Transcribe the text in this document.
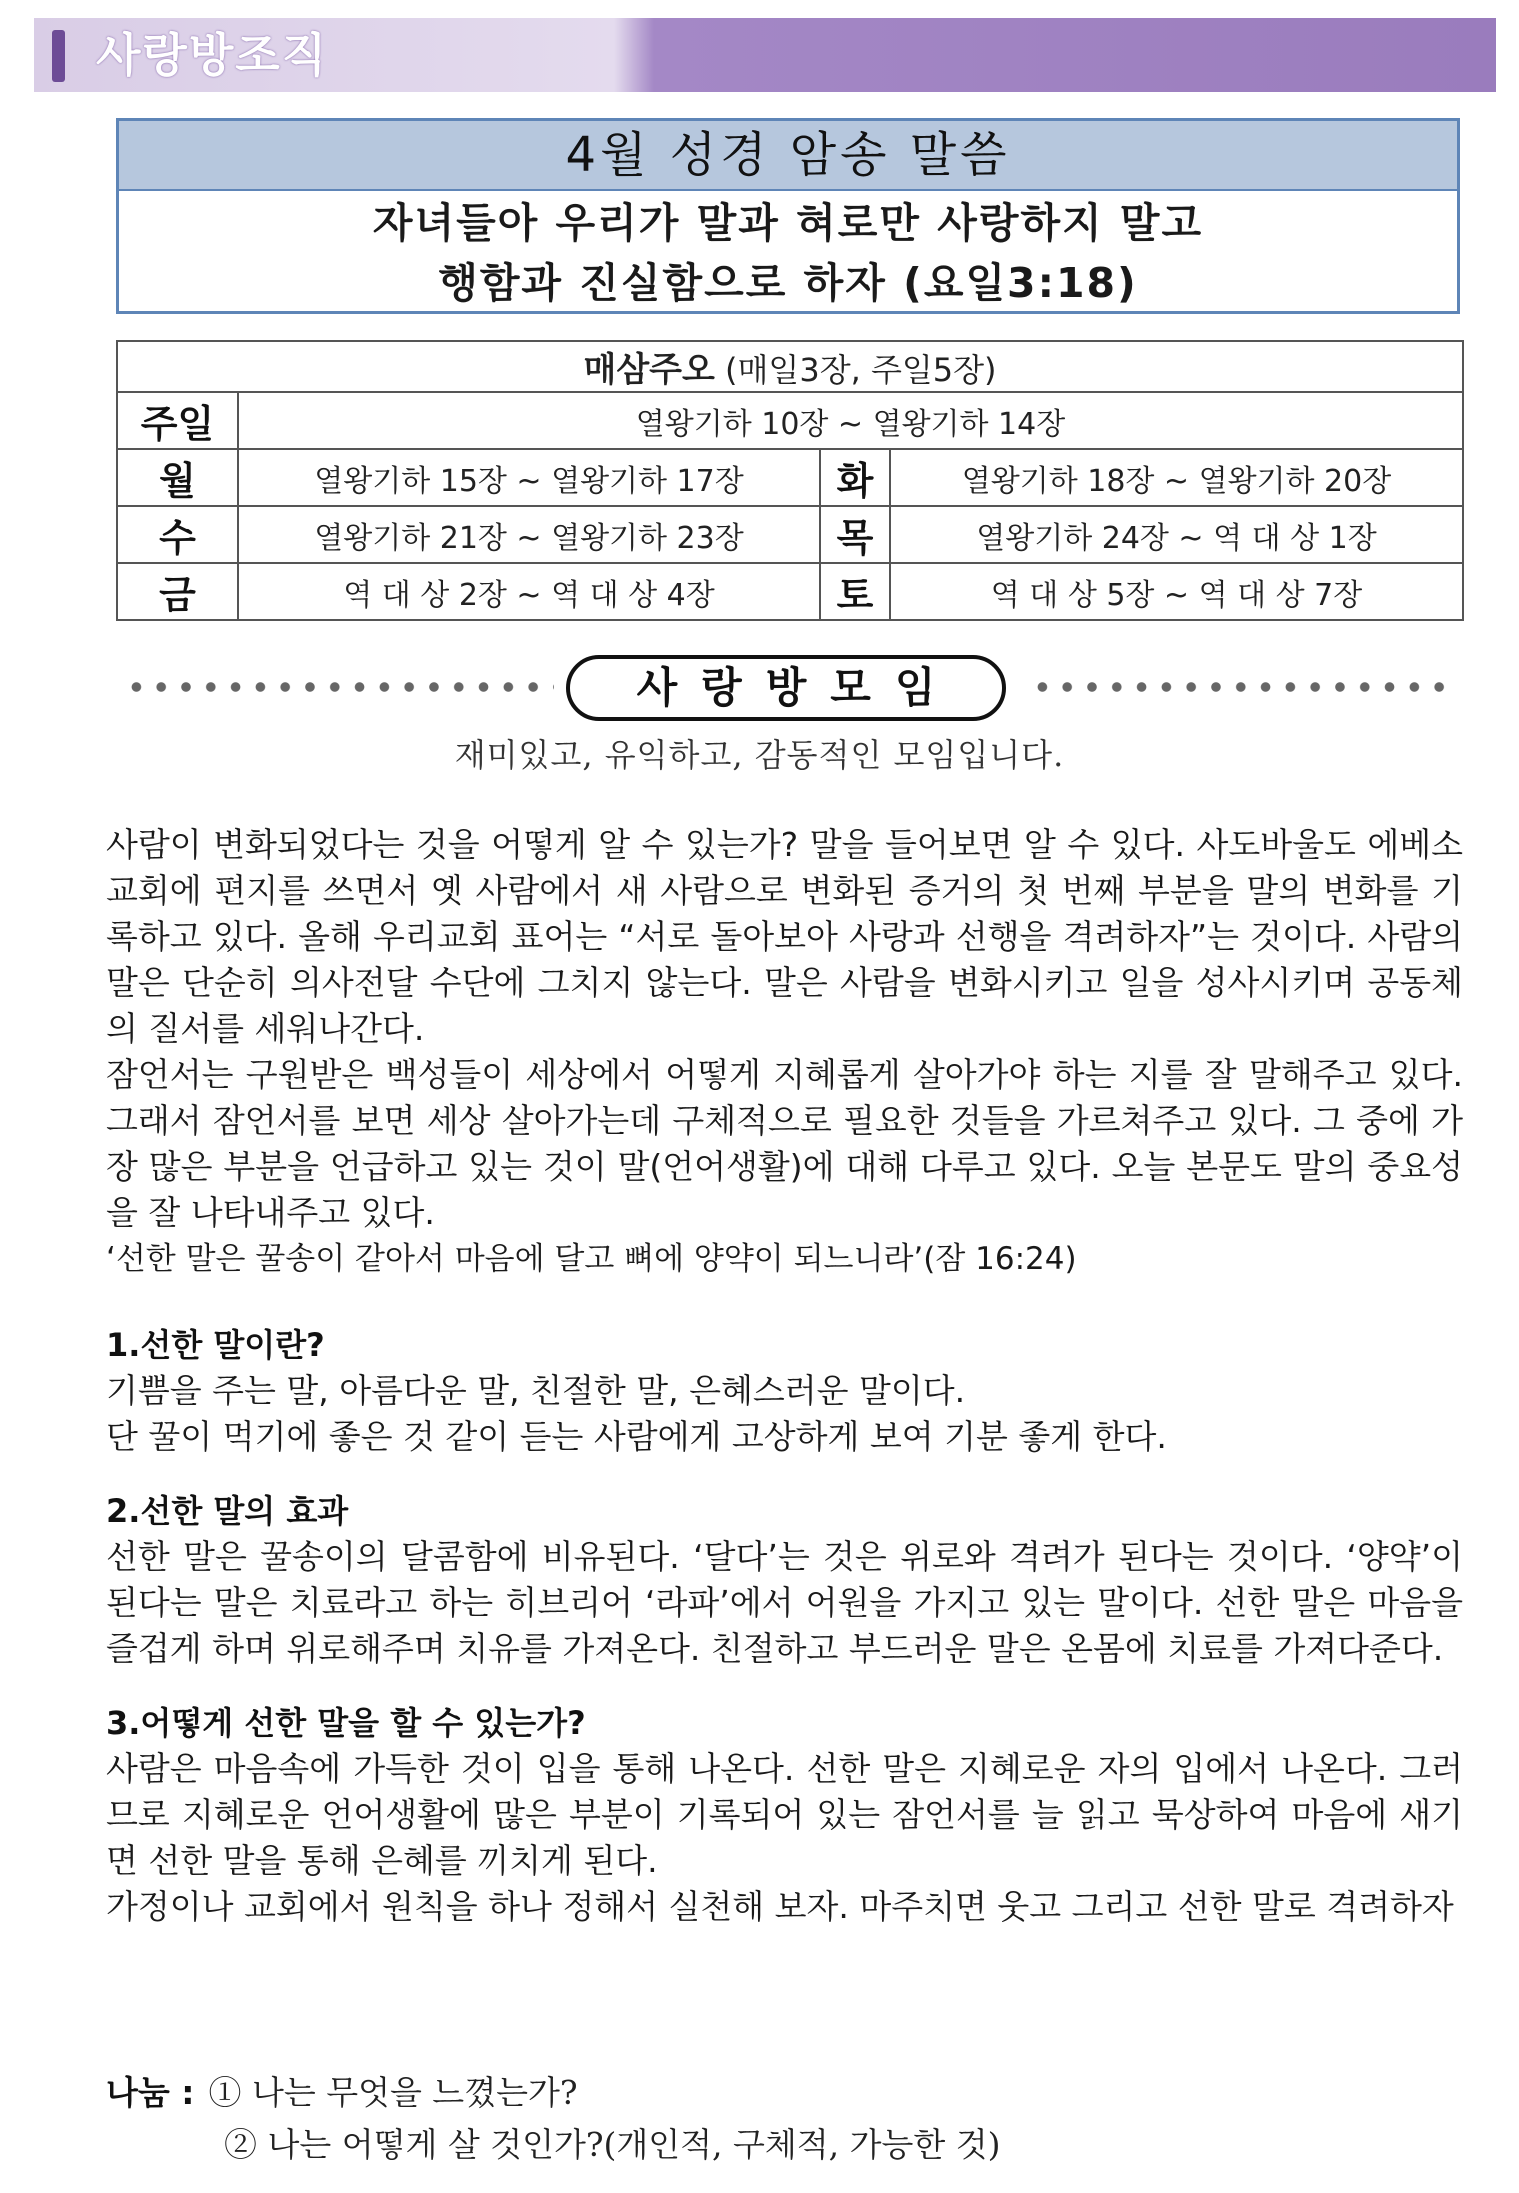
사랑방조직
4월 성경 암송 말씀
자녀들아 우리가 말과 혀로만 사랑하지 말고
행함과 진실함으로 하자 (요일3:18)
매삼주오 (매일3장, 주일5장)			
주일	열왕기하 10장 ~ 열왕기하 14장		
월	열왕기하 15장 ~ 열왕기하 17장	화	열왕기하 18장 ~ 열왕기하 20장
수	열왕기하 21장 ~ 열왕기하 23장	목	열왕기하 24장 ~ 역 대 상 1장
금	역 대 상 2장 ~ 역 대 상 4장	토	역 대 상 5장 ~ 역 대 상 7장
사랑방모임
재미있고, 유익하고, 감동적인 모임입니다.

사람이 변화되었다는 것을 어떻게 알 수 있는가? 말을 들어보면 알 수 있다. 사도바울도 에베소교회에 편지를 쓰면서 옛 사람에서 새 사람으로 변화된 증거의 첫 번째 부분을 말의 변화를 기록하고 있다. 올해 우리교회 표어는 “서로 돌아보아 사랑과 선행을 격려하자”는 것이다. 사람의 말은 단순히 의사전달 수단에 그치지 않는다. 말은 사람을 변화시키고 일을 성사시키며 공동체의 질서를 세워나간다.

잠언서는 구원받은 백성들이 세상에서 어떻게 지혜롭게 살아가야 하는 지를 잘 말해주고 있다. 그래서 잠언서를 보면 세상 살아가는데 구체적으로 필요한 것들을 가르쳐주고 있다. 그 중에 가장 많은 부분을 언급하고 있는 것이 말(언어생활)에 대해 다루고 있다. 오늘 본문도 말의 중요성을 잘 나타내주고 있다.

‘선한 말은 꿀송이 같아서 마음에 달고 뼈에 양약이 되느니라’(잠 16:24)

1.선한 말이란?

기쁨을 주는 말, 아름다운 말, 친절한 말, 은혜스러운 말이다.

단 꿀이 먹기에 좋은 것 같이 듣는 사람에게 고상하게 보여 기분 좋게 한다.

2.선한 말의 효과

선한 말은 꿀송이의 달콤함에 비유된다. ‘달다’는 것은 위로와 격려가 된다는 것이다. ‘양약’이 된다는 말은 치료라고 하는 히브리어 ‘라파’에서 어원을 가지고 있는 말이다. 선한 말은 마음을 즐겁게 하며 위로해주며 치유를 가져온다. 친절하고 부드러운 말은 온몸에 치료를 가져다준다.

3.어떻게 선한 말을 할 수 있는가?

사람은 마음속에 가득한 것이 입을 통해 나온다. 선한 말은 지혜로운 자의 입에서 나온다. 그러므로 지혜로운 언어생활에 많은 부분이 기록되어 있는 잠언서를 늘 읽고 묵상하여 마음에 새기면 선한 말을 통해 은혜를 끼치게 된다.

가정이나 교회에서 원칙을 하나 정해서 실천해 보자. 마주치면 웃고 그리고 선한 말로 격려하자

나눔 : ① 나는 무엇을 느꼈는가?
② 나는 어떻게 살 것인가?(개인적, 구체적, 가능한 것)
